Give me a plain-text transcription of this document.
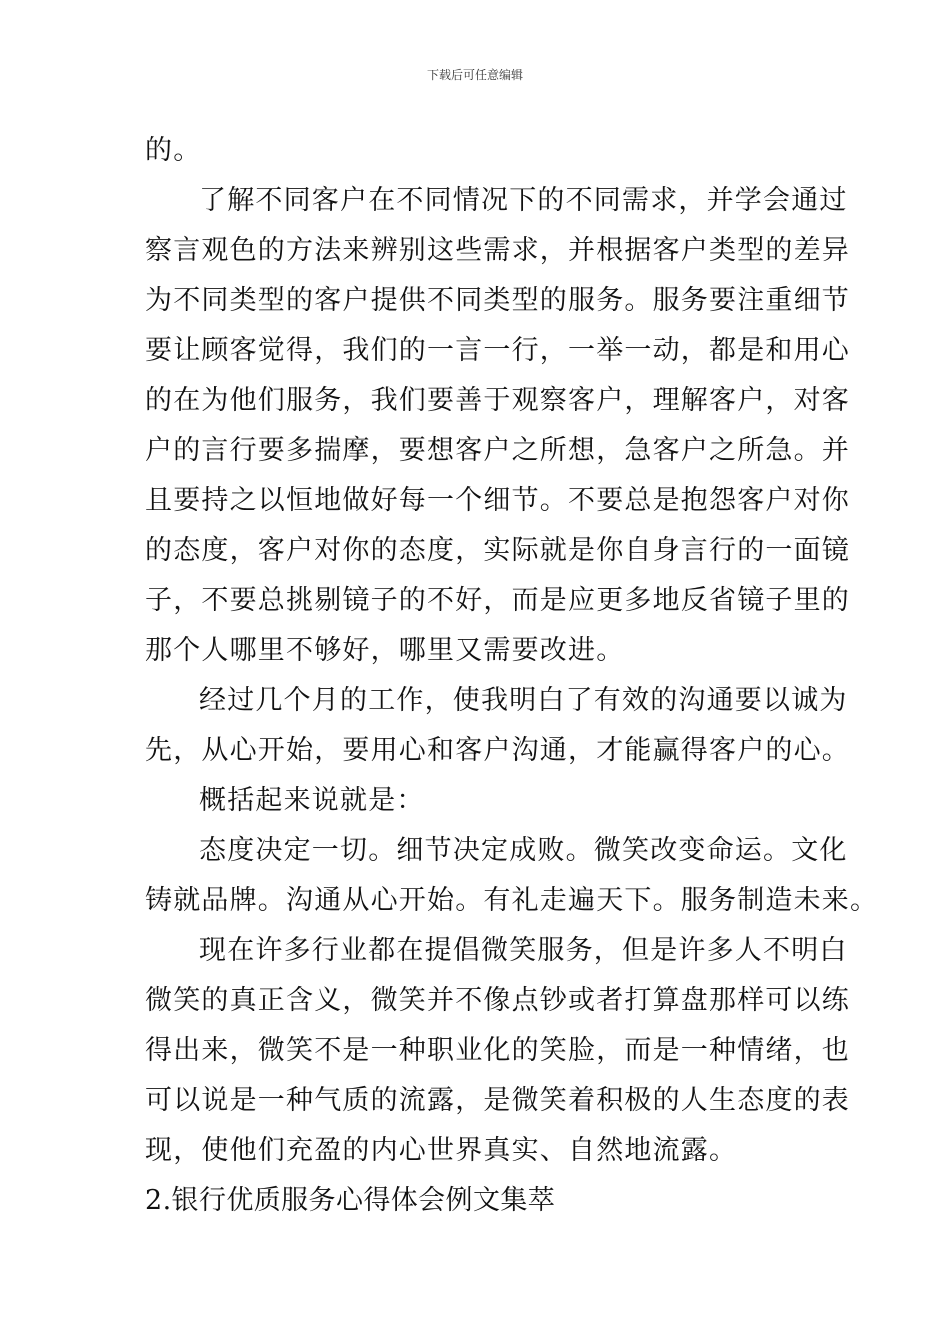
下载后可任意编辑
的。
了解不同客户在不同情况下的不同需求，并学会通过
察言观色的方法来辨别这些需求，并根据客户类型的差异
为不同类型的客户提供不同类型的服务。服务要注重细节
要让顾客觉得，我们的一言一行，一举一动，都是和用心
的在为他们服务，我们要善于观察客户，理解客户，对客
户的言行要多揣摩，要想客户之所想，急客户之所急。并
且要持之以恒地做好每一个细节。不要总是抱怨客户对你
的态度，客户对你的态度，实际就是你自身言行的一面镜
子，不要总挑剔镜子的不好，而是应更多地反省镜子里的
那个人哪里不够好，哪里又需要改进。
经过几个月的工作，使我明白了有效的沟通要以诚为
先，从心开始，要用心和客户沟通，才能赢得客户的心。
概括起来说就是：
态度决定一切。细节决定成败。微笑改变命运。文化
铸就品牌。沟通从心开始。有礼走遍天下。服务制造未来。
现在许多行业都在提倡微笑服务，但是许多人不明白
微笑的真正含义，微笑并不像点钞或者打算盘那样可以练
得出来，微笑不是一种职业化的笑脸，而是一种情绪，也
可以说是一种气质的流露，是微笑着积极的人生态度的表
现，使他们充盈的内心世界真实、自然地流露。
2.银行优质服务心得体会例文集萃
